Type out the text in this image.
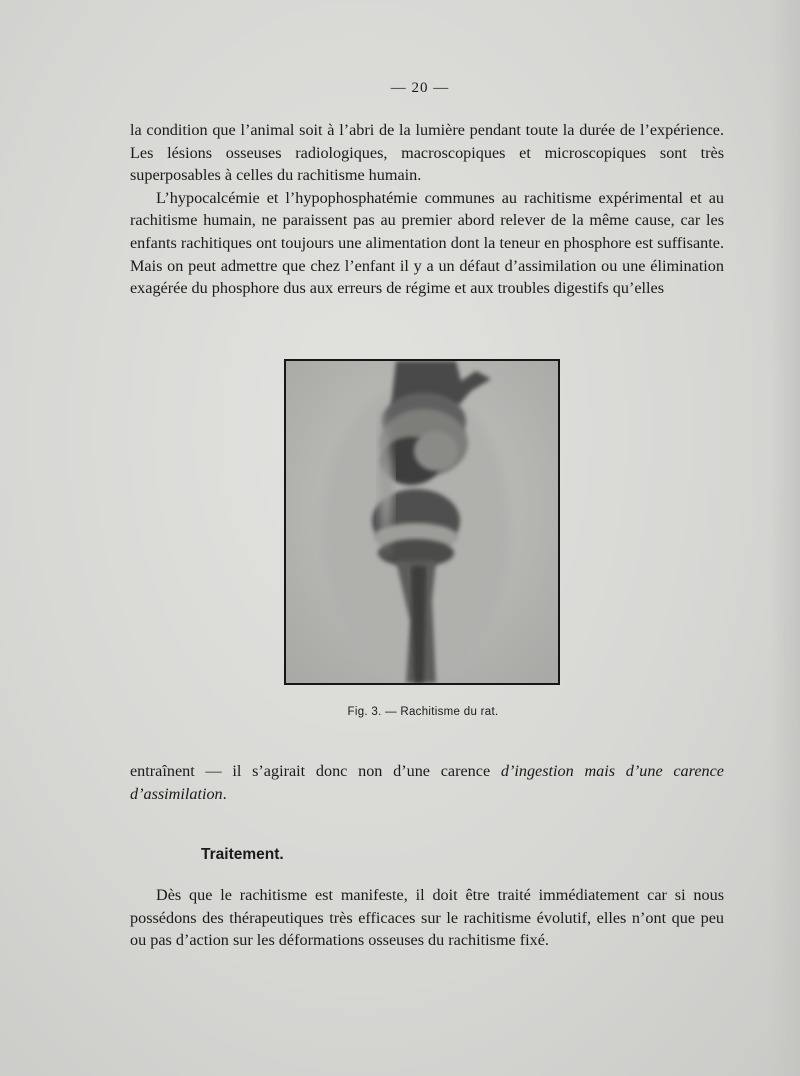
— 20 —

la condition que l’animal soit à l’abri de la lumière pendant toute la durée de l’expérience. Les lésions osseuses radiologiques, macroscopiques et microscopiques sont très superposables à celles du rachitisme humain.

L’hypocalcémie et l’hypophosphatémie communes au rachitisme expérimental et au rachitisme humain, ne paraissent pas au premier abord relever de la même cause, car les enfants rachitiques ont toujours une alimentation dont la teneur en phosphore est suffisante. Mais on peut admettre que chez l’enfant il y a un défaut d’assimilation ou une élimination exagérée du phosphore dus aux erreurs de régime et aux troubles digestifs qu’elles

Fig. 3. — Rachitisme du rat.
entraînent — il s’agirait donc non d’une carence d’ingestion mais d’une carence d’assimilation.
Traitement.

Dès que le rachitisme est manifeste, il doit être traité immédiatement car si nous possédons des thérapeutiques très efficaces sur le rachitisme évolutif, elles n’ont que peu ou pas d’action sur les déformations osseuses du rachitisme fixé.
